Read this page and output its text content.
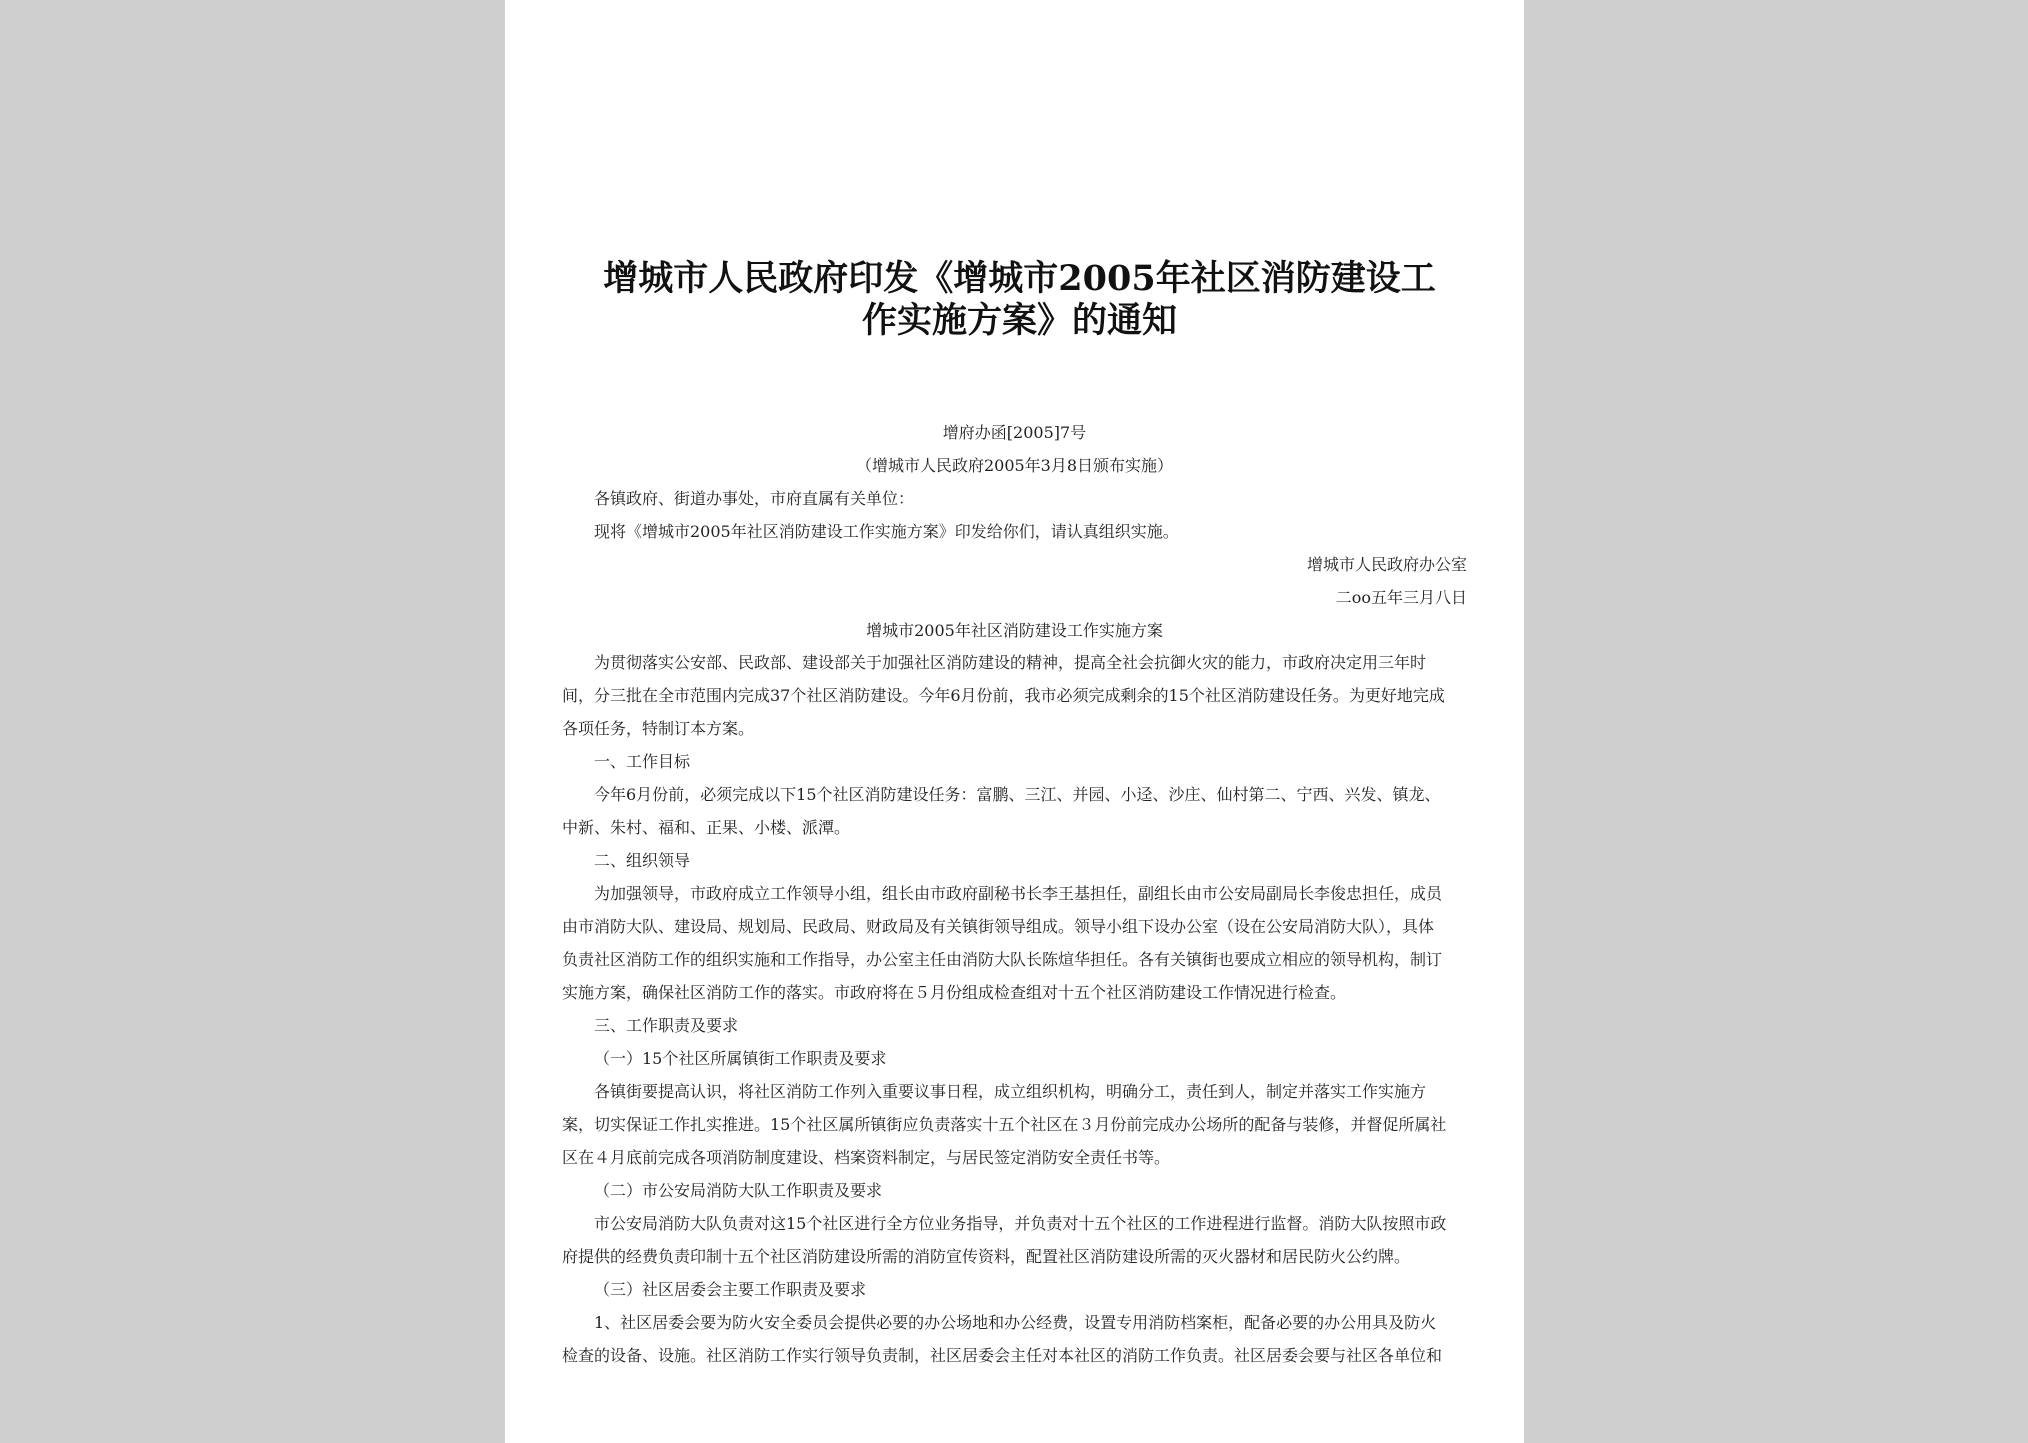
增城市人民政府印发《增城市2005年社区消防建设工
作实施方案》的通知
增府办函[2005]7号
（增城市人民政府2005年3月8日颁布实施）
各镇政府、街道办事处，市府直属有关单位：
现将《增城市2005年社区消防建设工作实施方案》印发给你们，请认真组织实施。
增城市人民政府办公室
二oo五年三月八日
增城市2005年社区消防建设工作实施方案
为贯彻落实公安部、民政部、建设部关于加强社区消防建设的精神，提高全社会抗御火灾的能力，市政府决定用三年时
间，分三批在全市范围内完成37个社区消防建设。今年6月份前，我市必须完成剩余的15个社区消防建设任务。为更好地完成
各项任务，特制订本方案。
一、工作目标
今年6月份前，必须完成以下15个社区消防建设任务：富鹏、三江、并园、小迳、沙庄、仙村第二、宁西、兴发、镇龙、
中新、朱村、福和、正果、小楼、派潭。
二、组织领导
为加强领导，市政府成立工作领导小组，组长由市政府副秘书长李王基担任，副组长由市公安局副局长李俊忠担任，成员
由市消防大队、建设局、规划局、民政局、财政局及有关镇街领导组成。领导小组下设办公室（设在公安局消防大队），具体
负责社区消防工作的组织实施和工作指导，办公室主任由消防大队长陈煊华担任。各有关镇街也要成立相应的领导机构，制订
实施方案，确保社区消防工作的落实。市政府将在５月份组成检查组对十五个社区消防建设工作情况进行检查。
三、工作职责及要求
（一）15个社区所属镇街工作职责及要求
各镇街要提高认识，将社区消防工作列入重要议事日程，成立组织机构，明确分工，责任到人，制定并落实工作实施方
案，切实保证工作扎实推进。15个社区属所镇街应负责落实十五个社区在３月份前完成办公场所的配备与装修，并督促所属社
区在４月底前完成各项消防制度建设、档案资料制定，与居民签定消防安全责任书等。
（二）市公安局消防大队工作职责及要求
市公安局消防大队负责对这15个社区进行全方位业务指导，并负责对十五个社区的工作进程进行监督。消防大队按照市政
府提供的经费负责印制十五个社区消防建设所需的消防宣传资料，配置社区消防建设所需的灭火器材和居民防火公约牌。
（三）社区居委会主要工作职责及要求
1、社区居委会要为防火安全委员会提供必要的办公场地和办公经费，设置专用消防档案柜，配备必要的办公用具及防火
检查的设备、设施。社区消防工作实行领导负责制，社区居委会主任对本社区的消防工作负责。社区居委会要与社区各单位和
